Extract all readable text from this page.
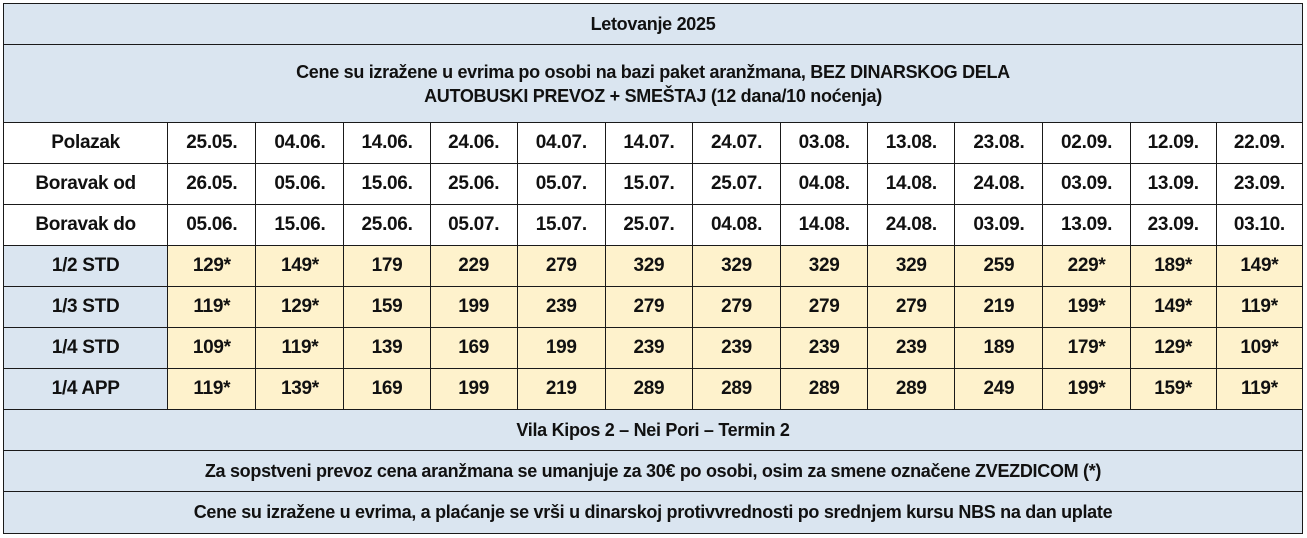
Letovanje 2025													

Cene su izražene u evrima po osobi na bazi paket aranžmana, BEZ DINARSKOG DELA
AUTOBUSKI PREVOZ + SMEŠTAJ (12 dana/10 noćenja)													

Polazak	25.05.	04.06.	14.06.	24.06.	04.07.	14.07.	24.07.	03.08.	13.08.	23.08.	02.09.	12.09.	22.09.
Boravak od	26.05.	05.06.	15.06.	25.06.	05.07.	15.07.	25.07.	04.08.	14.08.	24.08.	03.09.	13.09.	23.09.
Boravak do	05.06.	15.06.	25.06.	05.07.	15.07.	25.07.	04.08.	14.08.	24.08.	03.09.	13.09.	23.09.	03.10.
1/2 STD	129*	149*	179	229	279	329	329	329	329	259	229*	189*	149*
1/3 STD	119*	129*	159	199	239	279	279	279	279	219	199*	149*	119*
1/4 STD	109*	119*	139	169	199	239	239	239	239	189	179*	129*	109*
1/4 APP	119*	139*	169	199	219	289	289	289	289	249	199*	159*	119*
Vila Kipos 2 – Nei Pori – Termin 2													
Za sopstveni prevoz cena aranžmana se umanjuje za 30€ po osobi, osim za smene označene ZVEZDICOM (*)													
Cene su izražene u evrima, a plaćanje se vrši u dinarskoj protivvrednosti po srednjem kursu NBS na dan uplate													
